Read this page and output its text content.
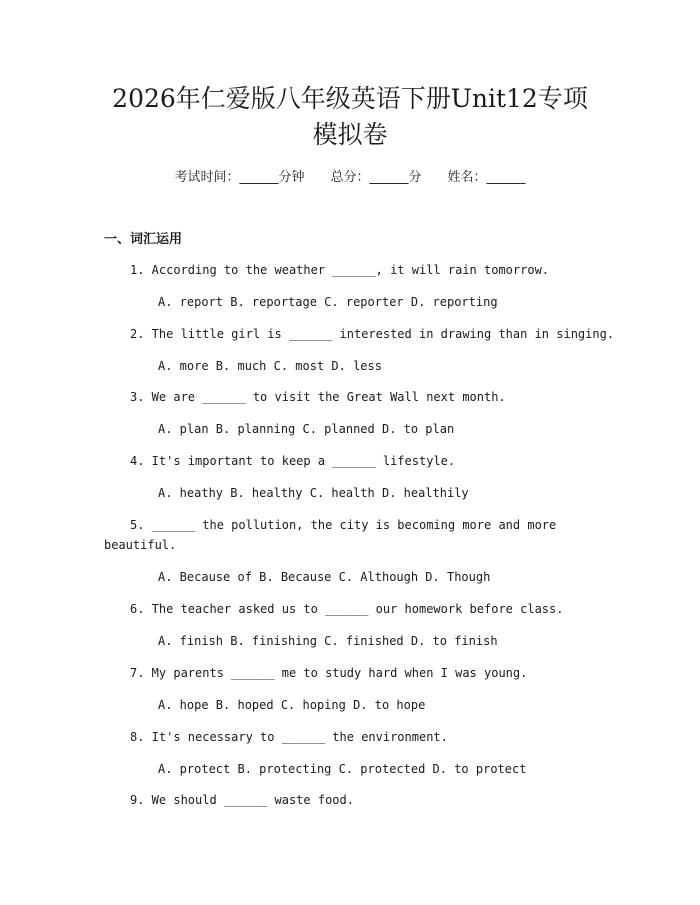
2026年仁爱版八年级英语下册Unit12专项
模拟卷
考试时间：______分钟 总分：______分 姓名：______
一、词汇运用
1. According to the weather ______, it will rain tomorrow.
A. report B. reportage C. reporter D. reporting
2. The little girl is ______ interested in drawing than in singing.
A. more B. much C. most D. less
3. We are ______ to visit the Great Wall next month.
A. plan B. planning C. planned D. to plan
4. It's important to keep a ______ lifestyle.
A. heathy B. healthy C. health D. healthily
5. ______ the pollution, the city is becoming more and more
beautiful.
A. Because of B. Because C. Although D. Though
6. The teacher asked us to ______ our homework before class.
A. finish B. finishing C. finished D. to finish
7. My parents ______ me to study hard when I was young.
A. hope B. hoped C. hoping D. to hope
8. It's necessary to ______ the environment.
A. protect B. protecting C. protected D. to protect
9. We should ______ waste food.
